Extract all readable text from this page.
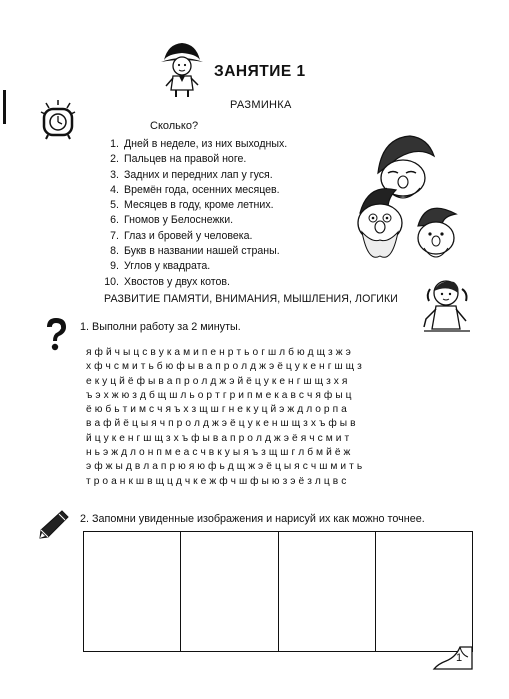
ЗАНЯТИЕ 1
РАЗМИНКА
Сколько?
1. Дней в неделе, из них выходных.
2. Пальцев на правой ноге.
3. Задних и передних лап у гуся.
4. Времён года, осенних месяцев.
5. Месяцев в году, кроме летних.
6. Гномов у Белоснежки.
7. Глаз и бровей у человека.
8. Букв в названии нашей страны.
9. Углов у квадрата.
10. Хвостов у двух котов.
РАЗВИТИЕ ПАМЯТИ, ВНИМАНИЯ, МЫШЛЕНИЯ, ЛОГИКИ
1. Выполни работу за 2 минуты.
я ф й ч ы ц с в у к а м и п е н р т ь о г ш л б ю д щ з ж э
х ф ч с м и т ь б ю ф ы в а п р о л д ж э ё ц у к е н г ш щ з
е к у ц й ё ф ы в а п р о л д ж э й ё ц у к е н г ш щ з х я
ъ э х ж ю з д б щ ш л ь о р т г р и п м е к а в с ч я ф ы ц
ё ю б ь т и м с ч я ъ х з щ ш г н е к у ц й э ж д л о р п а
в а ф й ё ц ы я ч п р о л д ж э ё ц у к е н ш щ з х ъ ф ы в
й ц у к е н г ш щ з х ъ ф ы в а п р о л д ж э ё я ч с м и т
н ь э ж д л о н п м е а с ч в к у ы я ъ з щ ш г л б м й ё ж
э ф ж ы д в л а п р ю я ю ф ь д щ ж э ё ц ы я с ч ш м и т ь
т р о а н к ш в щ ц д ч к е ж ф ч ш ф ы ю з э ё з л ц в с
2. Запомни увиденные изображения и нарисуй их как можно точнее.
1
